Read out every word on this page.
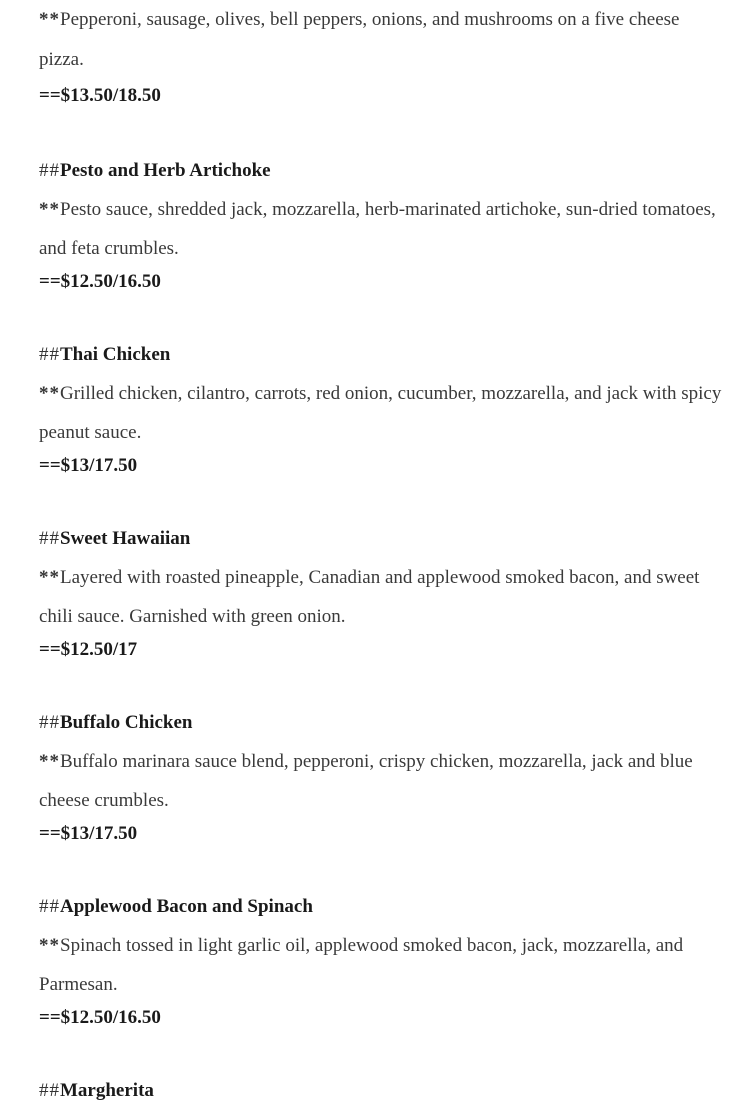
**Pepperoni, sausage, olives, bell peppers, onions, and mushrooms on a five cheese pizza.

==$13.50/18.50

##Pesto and Herb Artichoke

**Pesto sauce, shredded jack, mozzarella, herb-marinated artichoke, sun-dried tomatoes, and feta crumbles.

==$12.50/16.50

##Thai Chicken

**Grilled chicken, cilantro, carrots, red onion, cucumber, mozzarella, and jack with spicy peanut sauce.

==$13/17.50

##Sweet Hawaiian

**Layered with roasted pineapple, Canadian and applewood smoked bacon, and sweet chili sauce. Garnished with green onion.

==$12.50/17

##Buffalo Chicken

**Buffalo marinara sauce blend, pepperoni, crispy chicken, mozzarella, jack and blue cheese crumbles.

==$13/17.50

##Applewood Bacon and Spinach

**Spinach tossed in light garlic oil, applewood smoked bacon, jack, mozzarella, and Parmesan.

==$12.50/16.50

##Margherita
